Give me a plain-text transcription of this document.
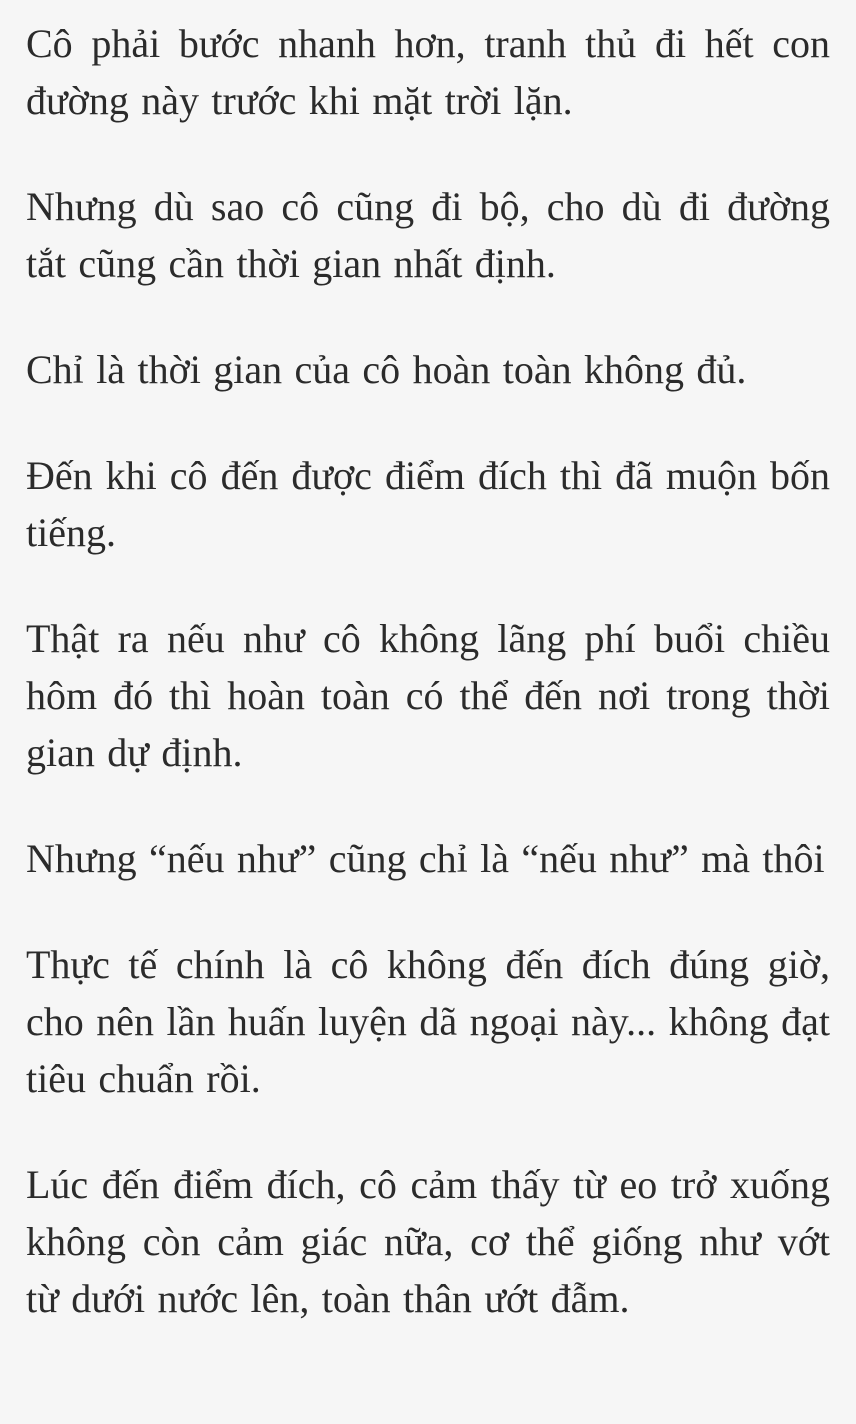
Cô phải bước nhanh hơn, tranh thủ đi hết con đường này trước khi mặt trời lặn.

Nhưng dù sao cô cũng đi bộ, cho dù đi đường tắt cũng cần thời gian nhất định.

Chỉ là thời gian của cô hoàn toàn không đủ.

Đến khi cô đến được điểm đích thì đã muộn bốn tiếng.

Thật ra nếu như cô không lãng phí buổi chiều hôm đó thì hoàn toàn có thể đến nơi trong thời gian dự định.

Nhưng “nếu như” cũng chỉ là “nếu như” mà thôi

Thực tế chính là cô không đến đích đúng giờ, cho nên lần huấn luyện dã ngoại này... không đạt tiêu chuẩn rồi.

Lúc đến điểm đích, cô cảm thấy từ eo trở xuống không còn cảm giác nữa, cơ thể giống như vớt từ dưới nước lên, toàn thân ướt đẫm.
